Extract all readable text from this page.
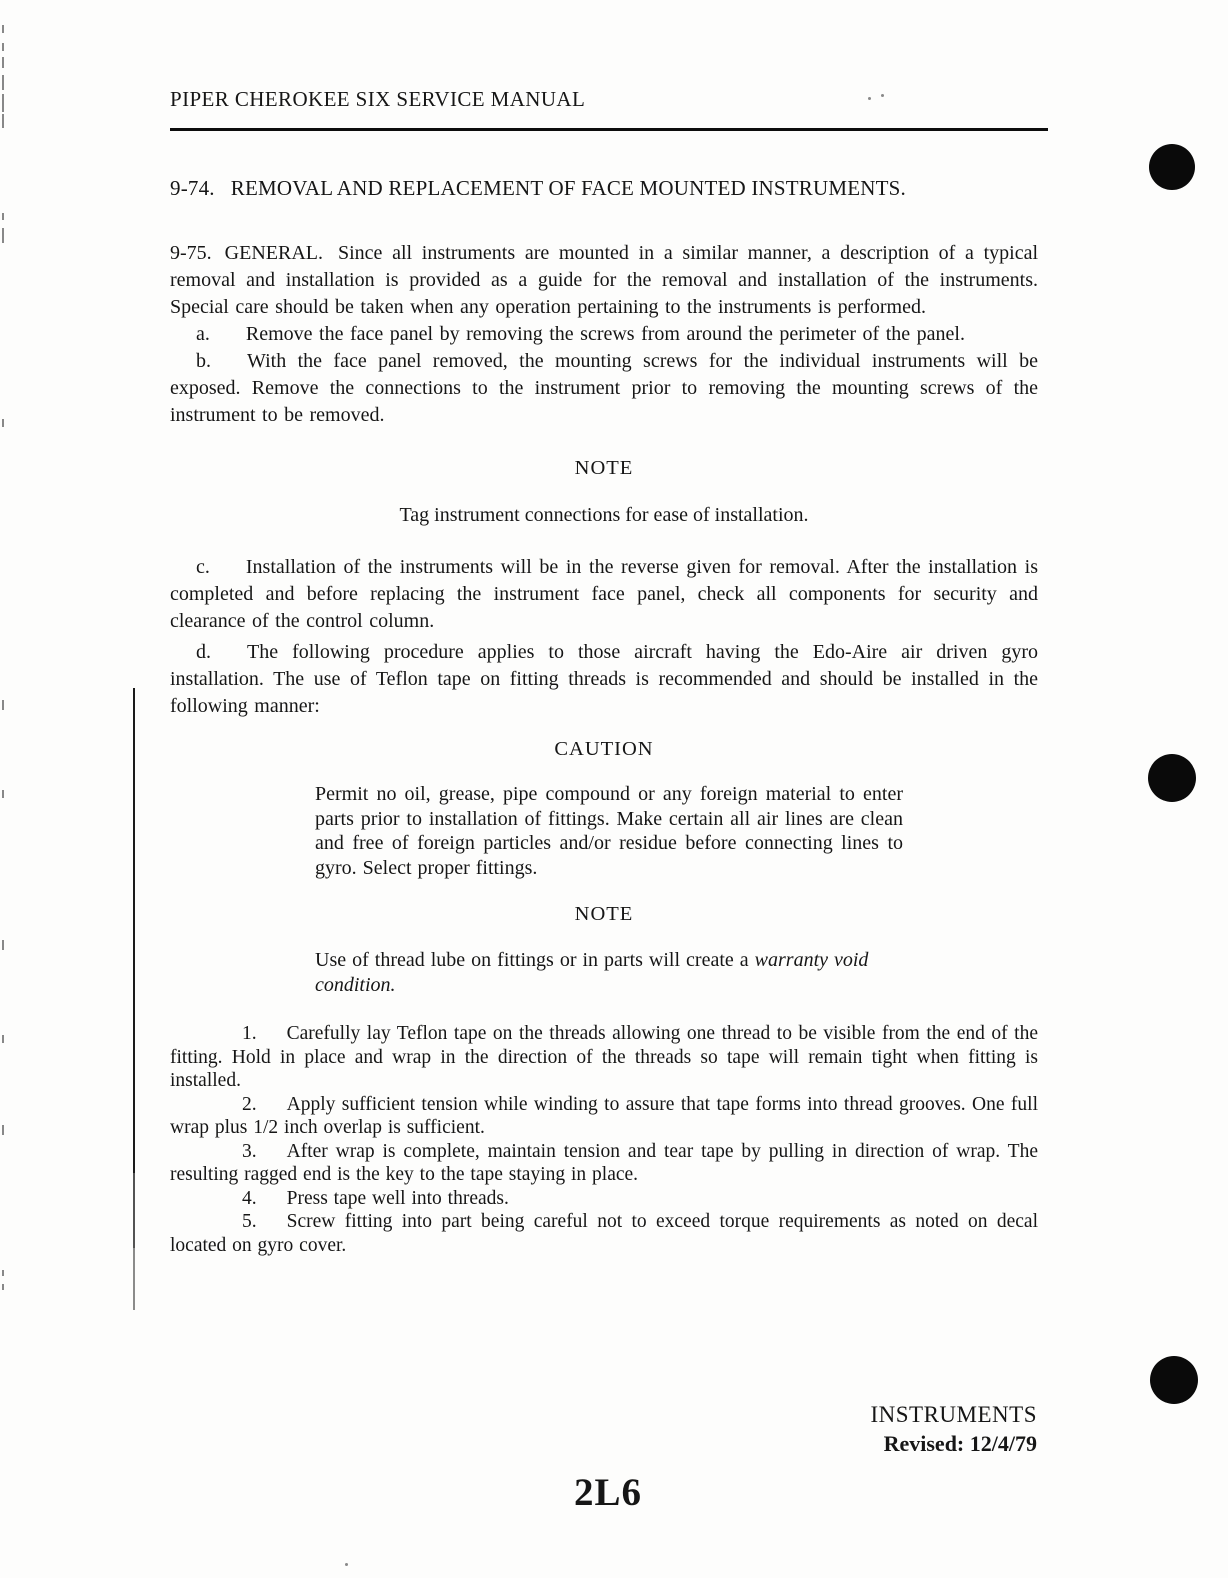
PIPER CHEROKEE SIX SERVICE MANUAL

9-74. REMOVAL AND REPLACEMENT OF FACE MOUNTED INSTRUMENTS.

9-75. GENERAL. Since all instruments are mounted in a similar manner, a description of a typical removal and installation is provided as a guide for the removal and installation of the instruments. Special care should be taken when any operation pertaining to the instruments is performed.

a. Remove the face panel by removing the screws from around the perimeter of the panel.

b. With the face panel removed, the mounting screws for the individual instruments will be exposed. Remove the connections to the instrument prior to removing the mounting screws of the instrument to be removed.

NOTE

Tag instrument connections for ease of installation.

c. Installation of the instruments will be in the reverse given for removal. After the installation is completed and before replacing the instrument face panel, check all components for security and clearance of the control column.

d. The following procedure applies to those aircraft having the Edo-Aire air driven gyro installation. The use of Teflon tape on fitting threads is recommended and should be installed in the following manner:

CAUTION

Permit no oil, grease, pipe compound or any foreign material to enter parts prior to installation of fittings. Make certain all air lines are clean and free of foreign particles and/or residue before connecting lines to gyro. Select proper fittings.

NOTE

Use of thread lube on fittings or in parts will create a warranty void condition.

1. Carefully lay Teflon tape on the threads allowing one thread to be visible from the end of the fitting. Hold in place and wrap in the direction of the threads so tape will remain tight when fitting is installed.

2. Apply sufficient tension while winding to assure that tape forms into thread grooves. One full wrap plus 1/2 inch overlap is sufficient.

3. After wrap is complete, maintain tension and tear tape by pulling in direction of wrap. The resulting ragged end is the key to the tape staying in place.

4. Press tape well into threads.

5. Screw fitting into part being careful not to exceed torque requirements as noted on decal located on gyro cover.

INSTRUMENTS
Revised: 12/4/79
2L6
